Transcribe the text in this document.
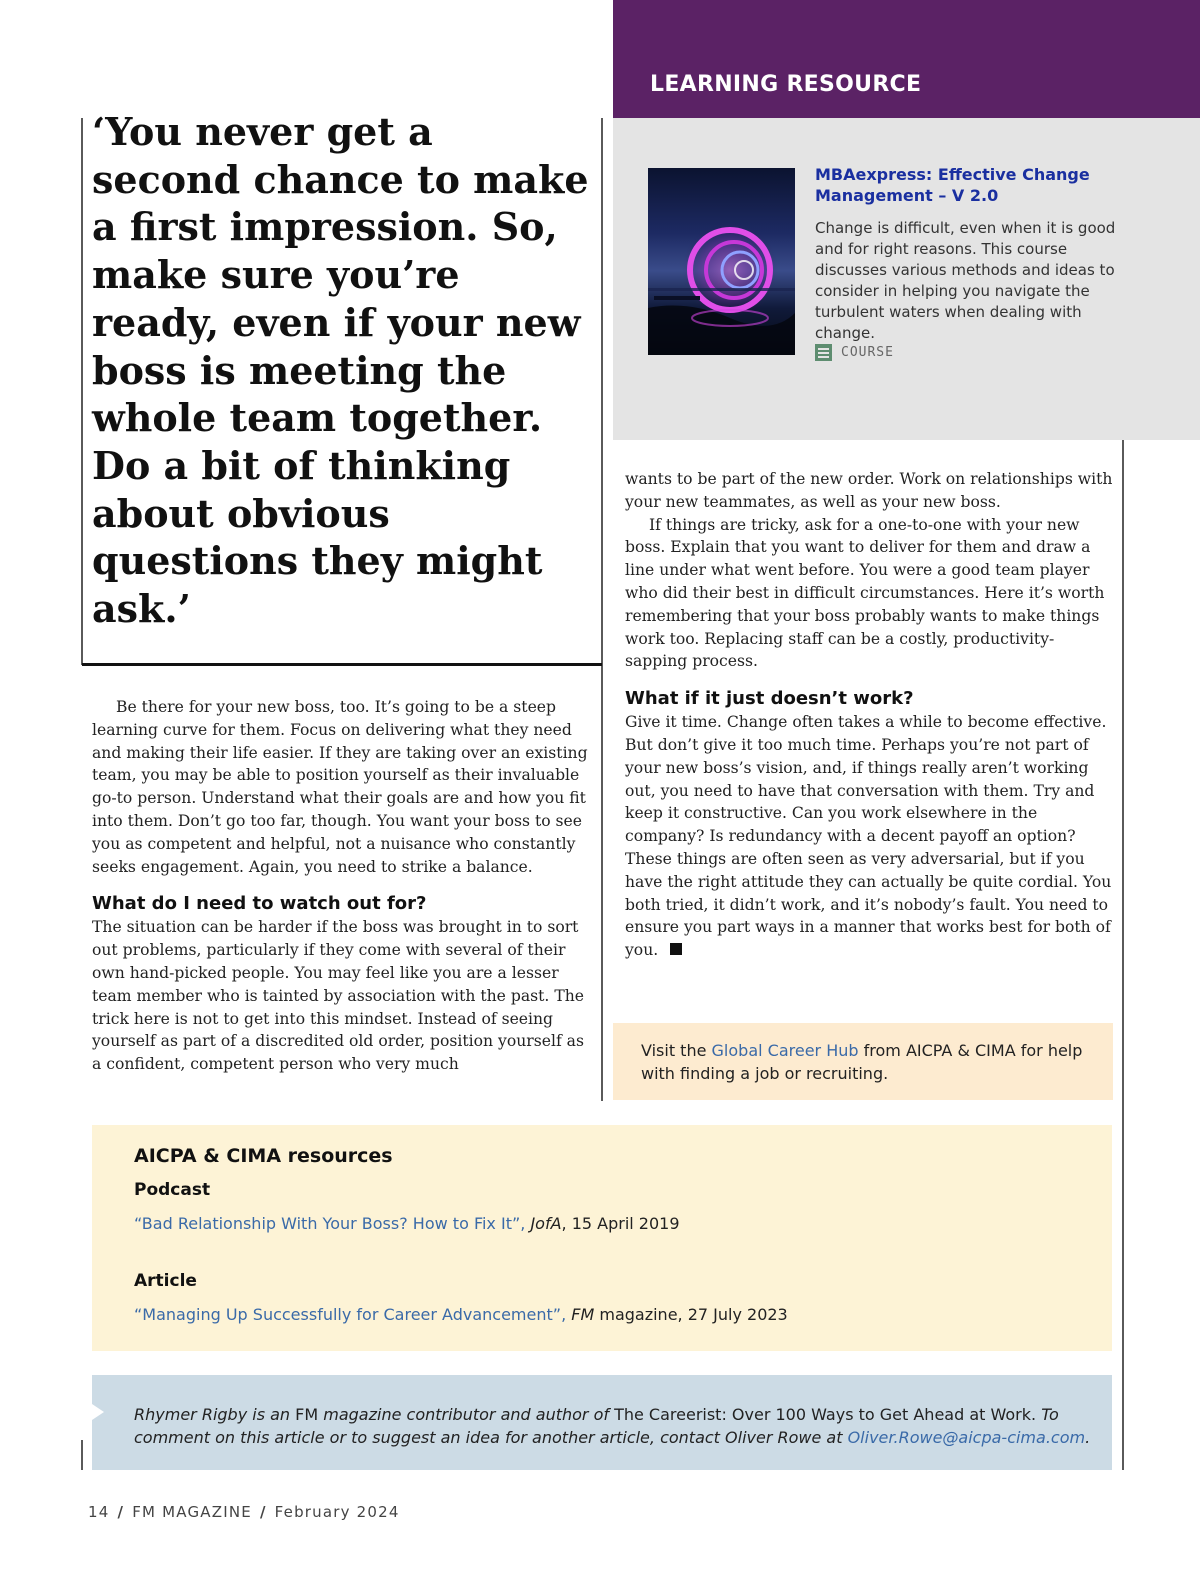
‘You never get a second chance to make a first impression. So, make sure you’re ready, even if your new boss is meeting the whole team together. Do a bit of thinking about obvious questions they might ask.’

Be there for your new boss, too. It’s going to be a steep learning curve for them. Focus on delivering what they need and making their life easier. If they are taking over an existing team, you may be able to position yourself as their invaluable go-to person. Understand what their goals are and how you fit into them. Don’t go too far, though. You want your boss to see you as competent and helpful, not a nuisance who constantly seeks engagement. Again, you need to strike a balance.

What do I need to watch out for?

The situation can be harder if the boss was brought in to sort out problems, particularly if they come with several of their own hand-picked people. You may feel like you are a lesser team member who is tainted by association with the past. The trick here is not to get into this mindset. Instead of seeing yourself as part of a discredited old order, position yourself as a confident, competent person who very much

LEARNING RESOURCE

MBAexpress: Effective Change Management – V 2.0

Change is difficult, even when it is good and for right reasons. This course discusses various methods and ideas to consider in helping you navigate the turbulent waters when dealing with change.

COURSE

wants to be part of the new order. Work on relationships with your new teammates, as well as your new boss.

If things are tricky, ask for a one-to-one with your new boss. Explain that you want to deliver for them and draw a line under what went before. You were a good team player who did their best in difficult circumstances. Here it’s worth remembering that your boss probably wants to make things work too. Replacing staff can be a costly, productivity-sapping process.

What if it just doesn’t work?

Give it time. Change often takes a while to become effective. But don’t give it too much time. Perhaps you’re not part of your new boss’s vision, and, if things really aren’t working out, you need to have that conversation with them. Try and keep it constructive. Can you work elsewhere in the company? Is redundancy with a decent payoff an option? These things are often seen as very adversarial, but if you have the right attitude they can actually be quite cordial. You both tried, it didn’t work, and it’s nobody’s fault. You need to ensure you part ways in a manner that works best for both of you.

Visit the Global Career Hub from AICPA & CIMA for help with finding a job or recruiting.

AICPA & CIMA resources

Podcast

“Bad Relationship With Your Boss? How to Fix It”, JofA, 15 April 2019

Article

“Managing Up Successfully for Career Advancement”, FM magazine, 27 July 2023

Rhymer Rigby is an FM magazine contributor and author of The Careerist: Over 100 Ways to Get Ahead at Work. To comment on this article or to suggest an idea for another article, contact Oliver Rowe at Oliver.Rowe@aicpa-cima.com.

14 / FM MAGAZINE / February 2024
